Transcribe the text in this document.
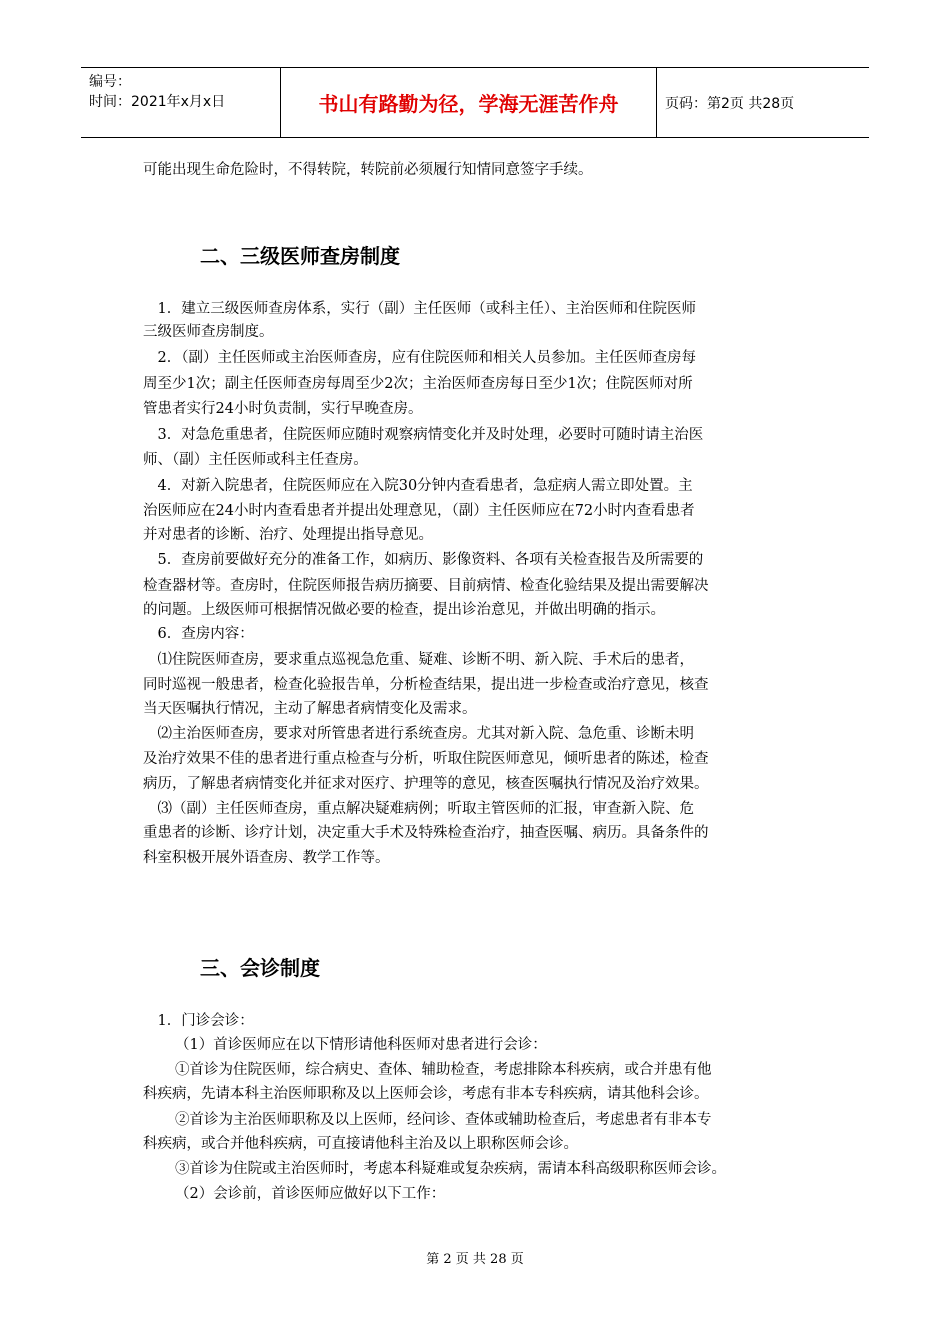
编号：
时间：2021年x月x日	书山有路勤为径，学海无涯苦作舟	页码：第2页 共28页
可能出现生命危险时，不得转院，转院前必须履行知情同意签字手续。
二、三级医师查房制度
　1．建立三级医师查房体系，实行（副）主任医师（或科主任）、主治医师和住院医师
三级医师查房制度。
　2．（副）主任医师或主治医师查房，应有住院医师和相关人员参加。主任医师查房每
周至少1次；副主任医师查房每周至少2次；主治医师查房每日至少1次；住院医师对所
管患者实行24小时负责制，实行早晚查房。
　3．对急危重患者，住院医师应随时观察病情变化并及时处理，必要时可随时请主治医
师、（副）主任医师或科主任查房。
　4．对新入院患者，住院医师应在入院30分钟内查看患者，急症病人需立即处置。主
治医师应在24小时内查看患者并提出处理意见，（副）主任医师应在72小时内查看患者
并对患者的诊断、治疗、处理提出指导意见。
　5．查房前要做好充分的准备工作，如病历、影像资料、各项有关检查报告及所需要的
检查器材等。查房时，住院医师报告病历摘要、目前病情、检查化验结果及提出需要解决
的问题。上级医师可根据情况做必要的检查，提出诊治意见，并做出明确的指示。
　6．查房内容：
　⑴住院医师查房，要求重点巡视急危重、疑难、诊断不明、新入院、手术后的患者，
同时巡视一般患者，检查化验报告单，分析检查结果，提出进一步检查或治疗意见，核查
当天医嘱执行情况，主动了解患者病情变化及需求。
　⑵主治医师查房，要求对所管患者进行系统查房。尤其对新入院、急危重、诊断未明
及治疗效果不佳的患者进行重点检查与分析，听取住院医师意见，倾听患者的陈述，检查
病历，了解患者病情变化并征求对医疗、护理等的意见，核查医嘱执行情况及治疗效果。
　⑶（副）主任医师查房，重点解决疑难病例；听取主管医师的汇报，审查新入院、危
重患者的诊断、诊疗计划，决定重大手术及特殊检查治疗，抽查医嘱、病历。具备条件的
科室积极开展外语查房、教学工作等。
三、会诊制度
　1．门诊会诊：
（1）首诊医师应在以下情形请他科医师对患者进行会诊：
①首诊为住院医师，综合病史、查体、辅助检查，考虑排除本科疾病，或合并患有他
科疾病，先请本科主治医师职称及以上医师会诊，考虑有非本专科疾病，请其他科会诊。
②首诊为主治医师职称及以上医师，经问诊、查体或辅助检查后，考虑患者有非本专
科疾病，或合并他科疾病，可直接请他科主治及以上职称医师会诊。
③首诊为住院或主治医师时，考虑本科疑难或复杂疾病，需请本科高级职称医师会诊。
（2）会诊前，首诊医师应做好以下工作：
第 2 页 共 28 页
